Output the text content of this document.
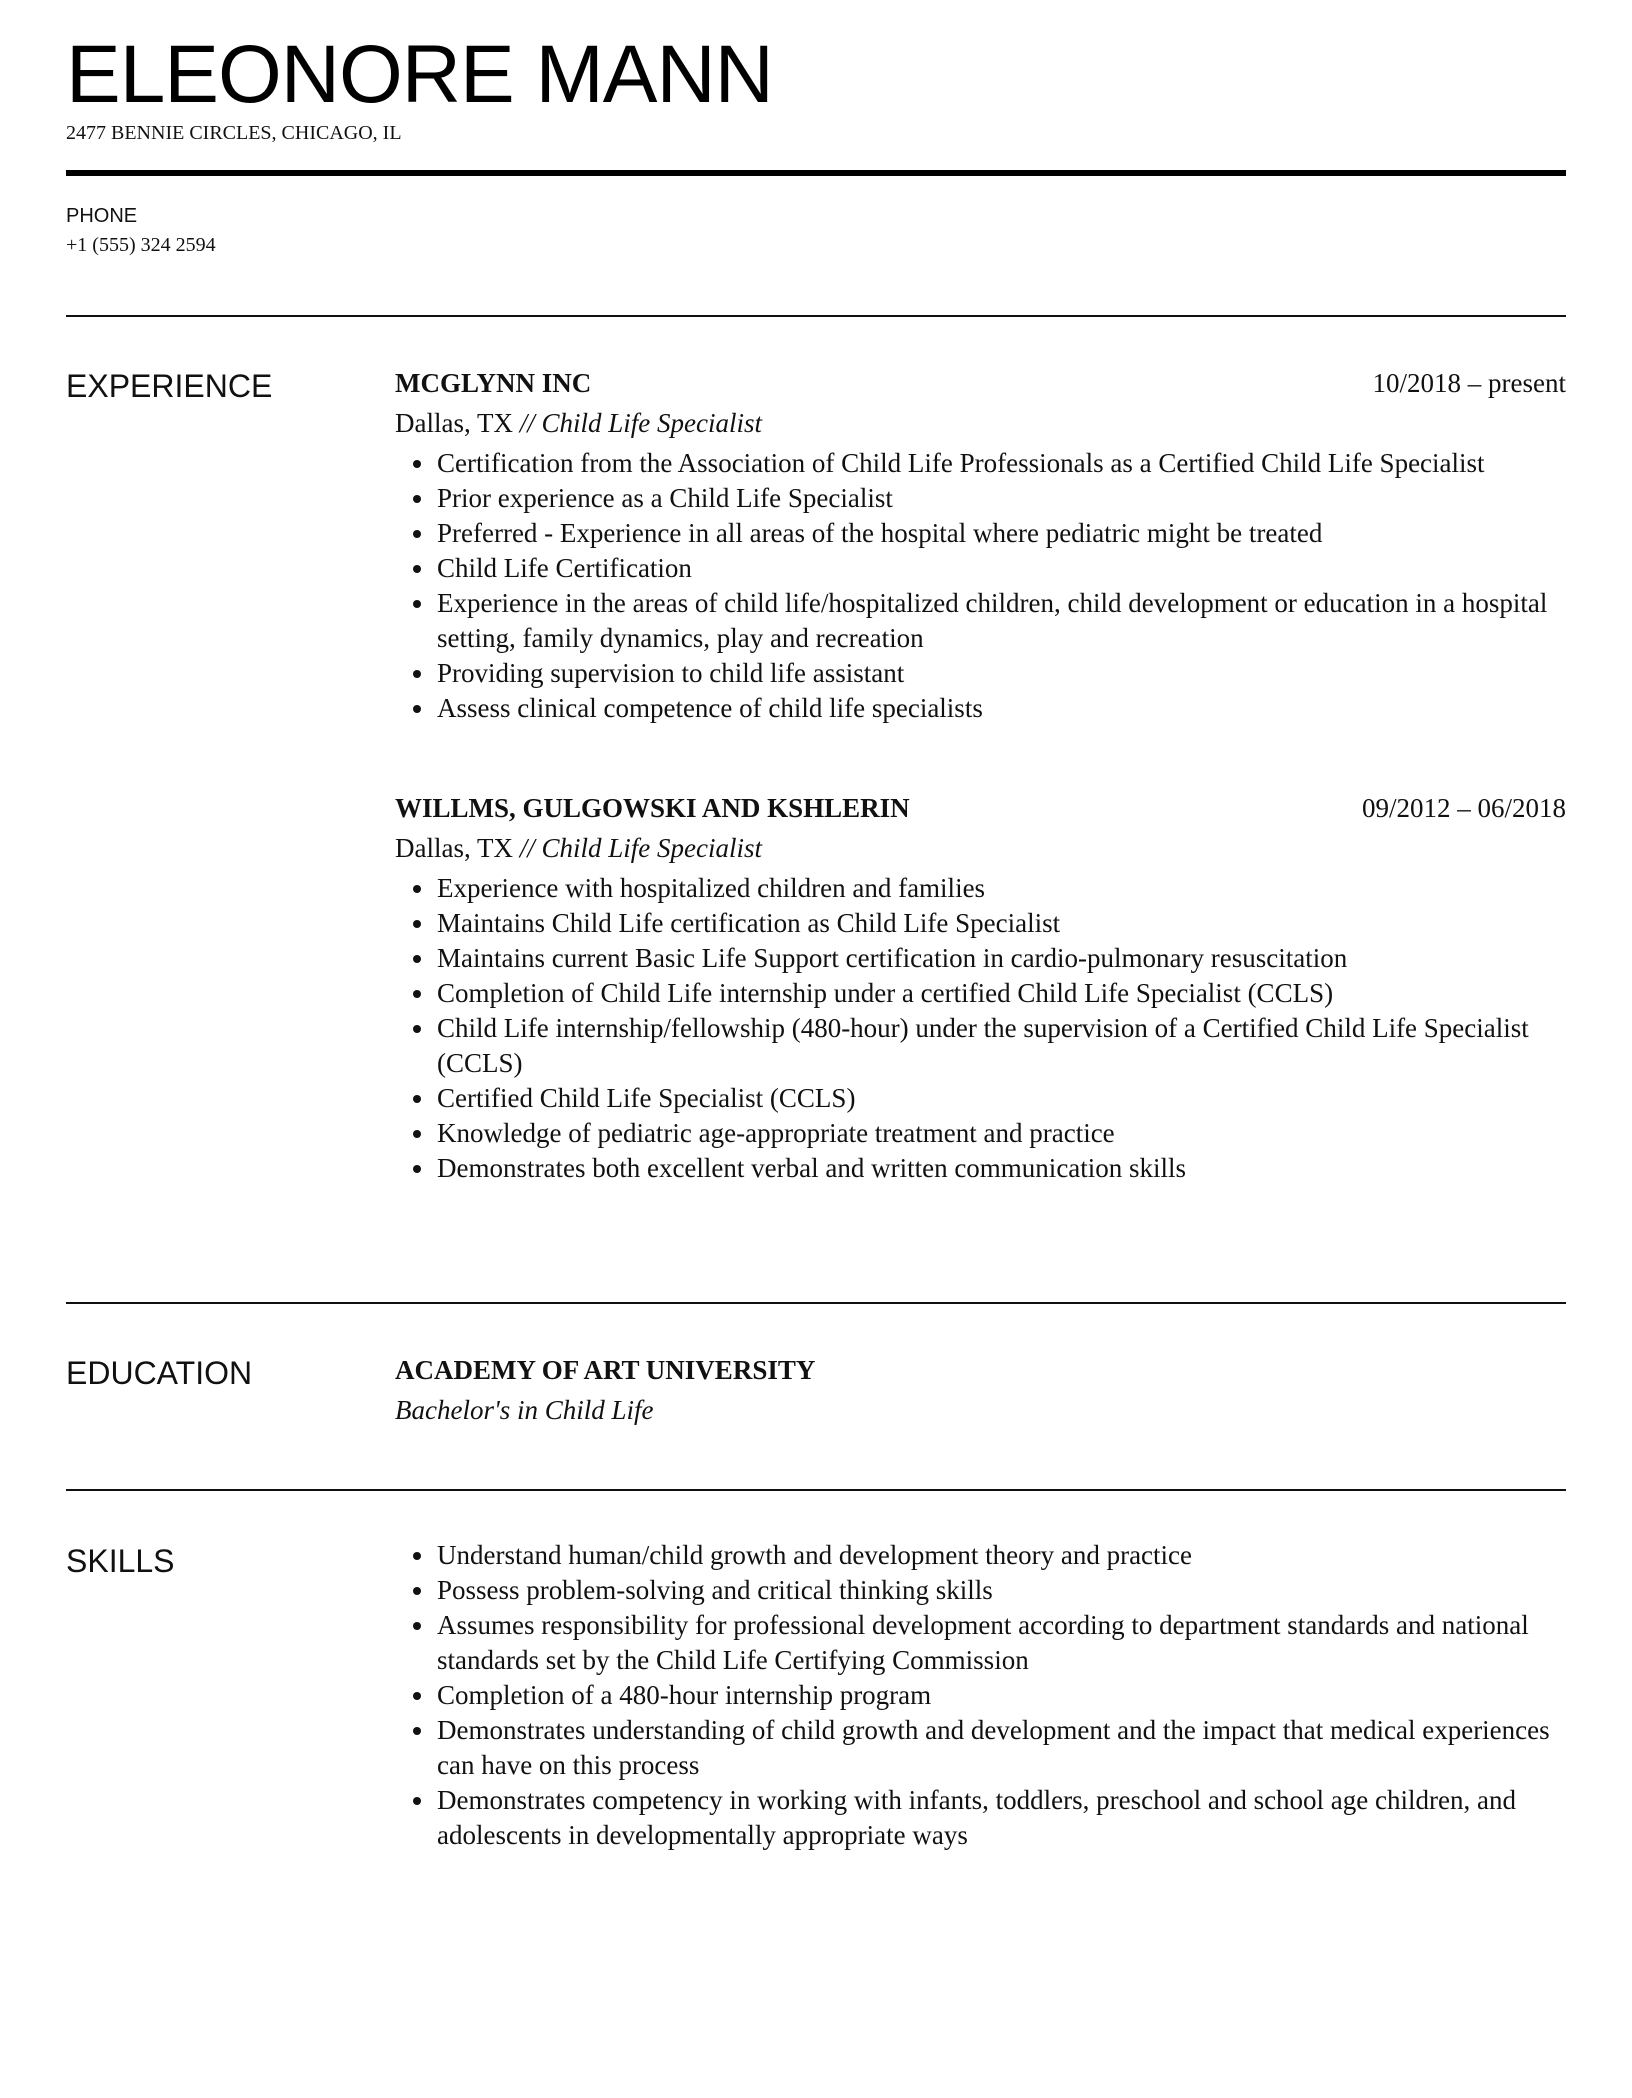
ELEONORE MANN
2477 BENNIE CIRCLES, CHICAGO, IL
PHONE
+1 (555) 324 2594
EXPERIENCE	MCGLYNN INC	10/2018 – present
Dallas, TX // Child Life Specialist
Certification from the Association of Child Life Professionals as a Certified Child Life Specialist
Prior experience as a Child Life Specialist
Preferred - Experience in all areas of the hospital where pediatric might be treated
Child Life Certification
Experience in the areas of child life/hospitalized children, child development or education in a hospital setting, family dynamics, play and recreation
Providing supervision to child life assistant
Assess clinical competence of child life specialists
WILLMS, GULGOWSKI AND KSHLERIN	09/2012 – 06/2018
Dallas, TX // Child Life Specialist
Experience with hospitalized children and families
Maintains Child Life certification as Child Life Specialist
Maintains current Basic Life Support certification in cardio-pulmonary resuscitation
Completion of Child Life internship under a certified Child Life Specialist (CCLS)
Child Life internship/fellowship (480-hour) under the supervision of a Certified Child Life Specialist (CCLS)
Certified Child Life Specialist (CCLS)
Knowledge of pediatric age-appropriate treatment and practice
Demonstrates both excellent verbal and written communication skills
EDUCATION	ACADEMY OF ART UNIVERSITY
Bachelor's in Child Life
SKILLS	Understand human/child growth and development theory and practice
Possess problem-solving and critical thinking skills
Assumes responsibility for professional development according to department standards and national standards set by the Child Life Certifying Commission
Completion of a 480-hour internship program
Demonstrates understanding of child growth and development and the impact that medical experiences can have on this process
Demonstrates competency in working with infants, toddlers, preschool and school age children, and adolescents in developmentally appropriate ways
